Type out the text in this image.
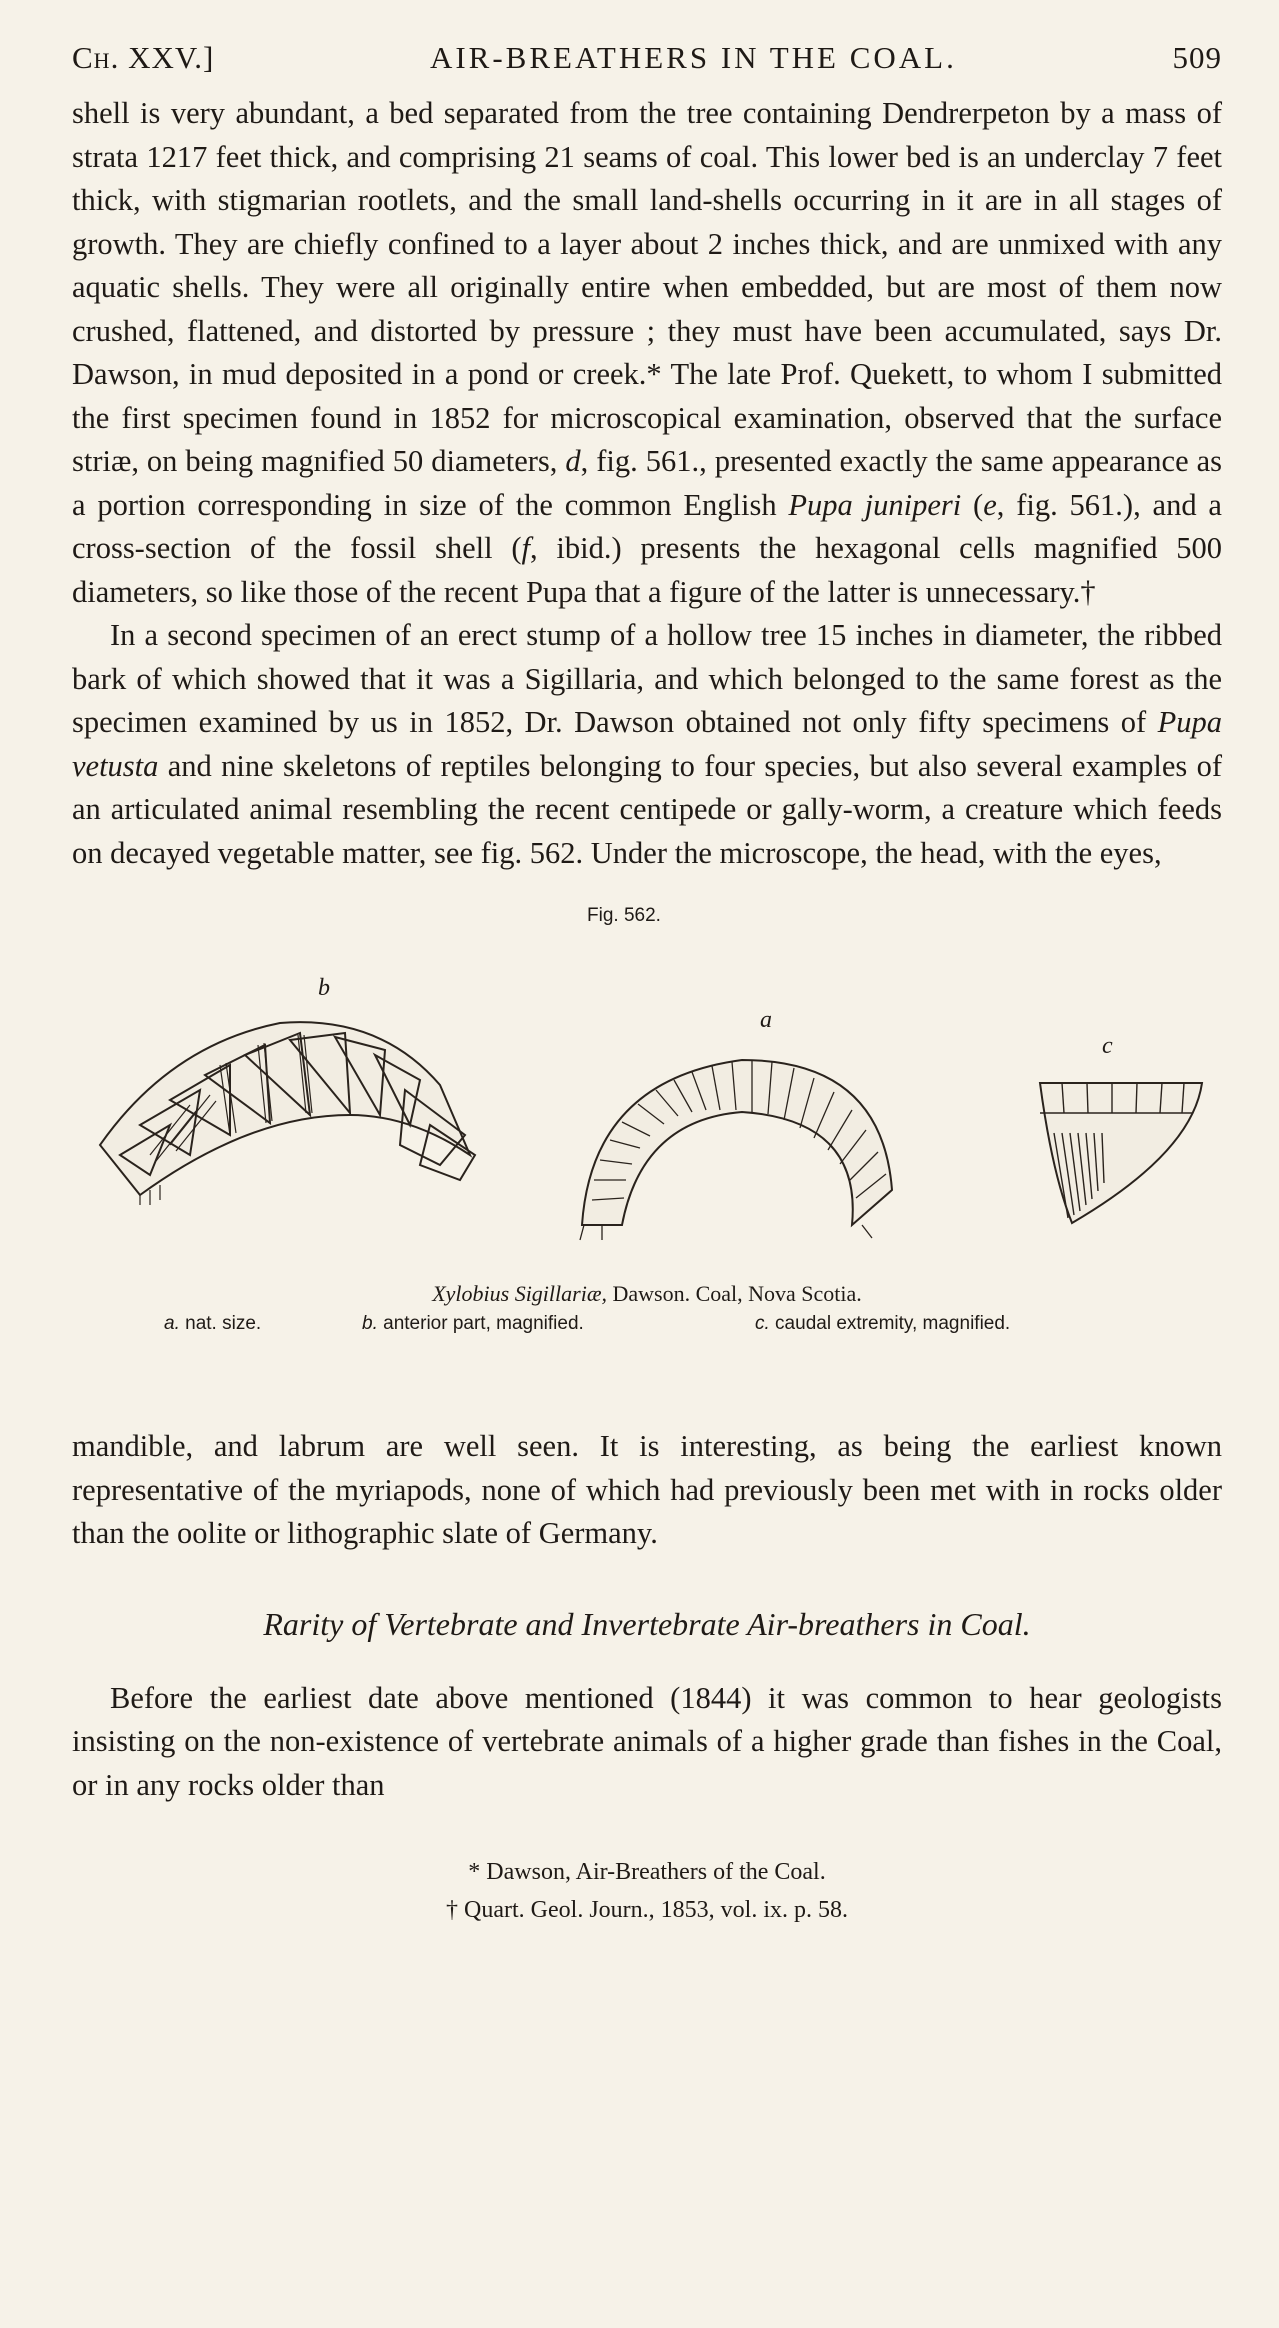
Ch. XXV.]	AIR-BREATHERS IN THE COAL.	509

shell is very abundant, a bed separated from the tree containing Dendrerpeton by a mass of strata 1217 feet thick, and comprising 21 seams of coal. This lower bed is an underclay 7 feet thick, with stigmarian rootlets, and the small land-shells occurring in it are in all stages of growth. They are chiefly confined to a layer about 2 inches thick, and are unmixed with any aquatic shells. They were all originally entire when embedded, but are most of them now crushed, flattened, and distorted by pressure ; they must have been accumulated, says Dr. Dawson, in mud deposited in a pond or creek.* The late Prof. Quekett, to whom I submitted the first specimen found in 1852 for microscopical examination, observed that the surface striæ, on being magnified 50 diameters, d, fig. 561., presented exactly the same appearance as a portion corresponding in size of the common English Pupa juniperi (e, fig. 561.), and a cross-section of the fossil shell (f, ibid.) presents the hexagonal cells magnified 500 diameters, so like those of the recent Pupa that a figure of the latter is unnecessary.†

In a second specimen of an erect stump of a hollow tree 15 inches in diameter, the ribbed bark of which showed that it was a Sigillaria, and which belonged to the same forest as the specimen examined by us in 1852, Dr. Dawson obtained not only fifty specimens of Pupa vetusta and nine skeletons of reptiles belonging to four species, but also several examples of an articulated animal resembling the recent centipede or gally-worm, a creature which feeds on decayed vegetable matter, see fig. 562. Under the microscope, the head, with the eyes,

Fig. 562.
b
a
c
Xylobius Sigillariæ, Dawson. Coal, Nova Scotia.
a. nat. size.	b. anterior part, magnified.	c. caudal extremity, magnified.

mandible, and labrum are well seen. It is interesting, as being the earliest known representative of the myriapods, none of which had previously been met with in rocks older than the oolite or lithographic slate of Germany.

Rarity of Vertebrate and Invertebrate Air-breathers in Coal.

Before the earliest date above mentioned (1844) it was common to hear geologists insisting on the non-existence of vertebrate animals of a higher grade than fishes in the Coal, or in any rocks older than

* Dawson, Air-Breathers of the Coal.
† Quart. Geol. Journ., 1853, vol. ix. p. 58.
